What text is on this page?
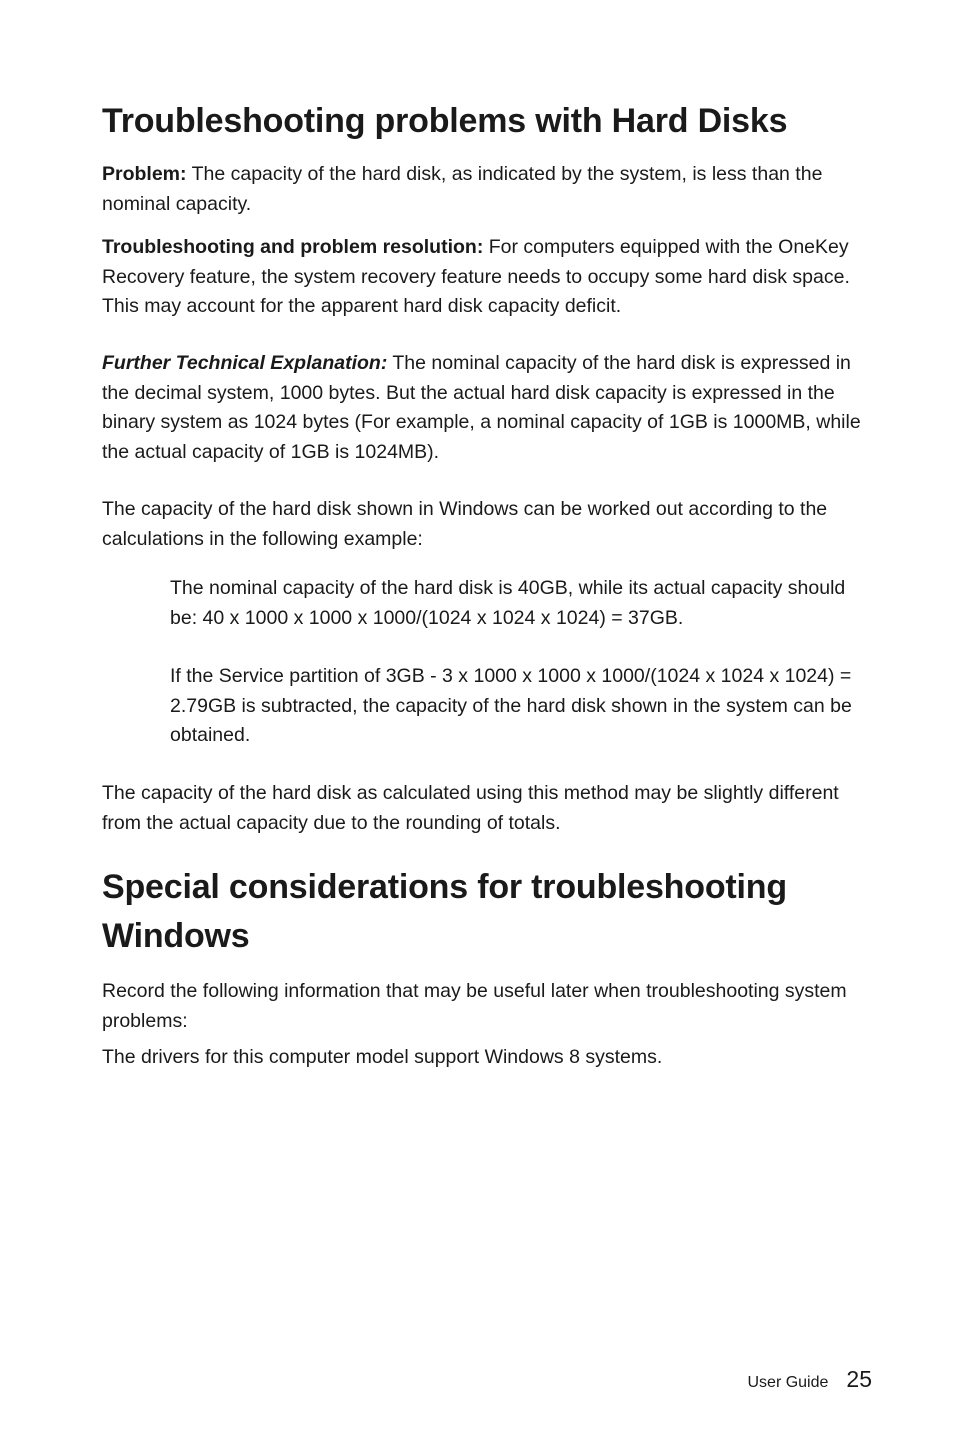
Troubleshooting problems with Hard Disks

Problem: The capacity of the hard disk, as indicated by the system, is less than the nominal capacity.

Troubleshooting and problem resolution: For computers equipped with the OneKey Recovery feature, the system recovery feature needs to occupy some hard disk space. This may account for the apparent hard disk capacity deficit.

Further Technical Explanation: The nominal capacity of the hard disk is expressed in the decimal system, 1000 bytes. But the actual hard disk capacity is expressed in the binary system as 1024 bytes (For example, a nominal capacity of 1GB is 1000MB, while the actual capacity of 1GB is 1024MB).

The capacity of the hard disk shown in Windows can be worked out according to the calculations in the following example:

The nominal capacity of the hard disk is 40GB, while its actual capacity should be: 40 x 1000 x 1000 x 1000/(1024 x 1024 x 1024) = 37GB.

If the Service partition of 3GB - 3 x 1000 x 1000 x 1000/(1024 x 1024 x 1024) = 2.79GB is subtracted, the capacity of the hard disk shown in the system can be obtained.

The capacity of the hard disk as calculated using this method may be slightly different from the actual capacity due to the rounding of totals.

Special considerations for troubleshooting Windows

Record the following information that may be useful later when troubleshooting system problems:

The drivers for this computer model support Windows 8 systems.

User Guide 25
